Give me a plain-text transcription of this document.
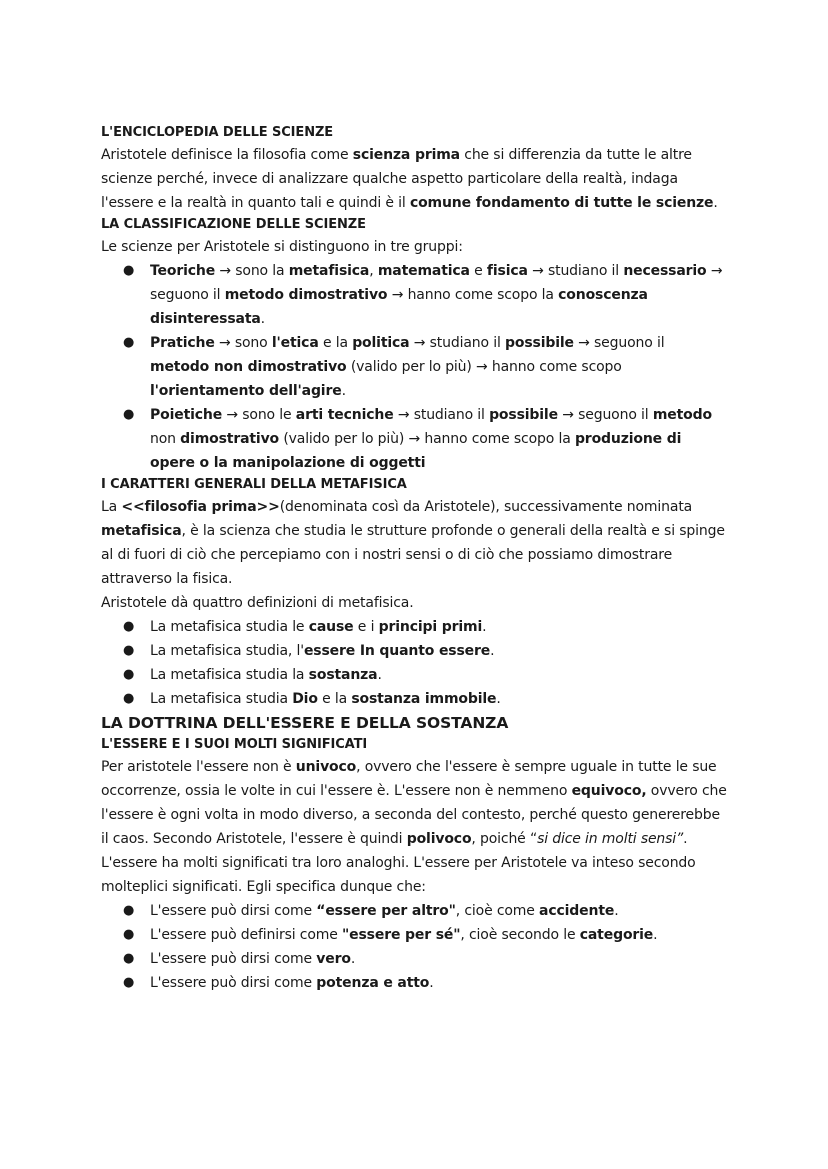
L'ENCICLOPEDIA DELLE SCIENZE

Aristotele definisce la filosofia come scienza prima che si differenzia da tutte le altre scienze perché, invece di analizzare qualche aspetto particolare della realtà, indaga l'essere e la realtà in quanto tali e quindi è il comune fondamento di tutte le scienze.

LA CLASSIFICAZIONE DELLE SCIENZE

Le scienze per Aristotele si distinguono in tre gruppi:

● Teoriche → sono la metafisica, matematica e fisica → studiano il necessario → seguono il metodo dimostrativo → hanno come scopo la conoscenza disinteressata.
● Pratiche → sono l'etica e la politica → studiano il possibile → seguono il metodo non dimostrativo (valido per lo più) → hanno come scopo l'orientamento dell'agire.
● Poietiche → sono le arti tecniche → studiano il possibile → seguono il metodo non dimostrativo (valido per lo più) → hanno come scopo la produzione di opere o la manipolazione di oggetti
I CARATTERI GENERALI DELLA METAFISICA

La <<filosofia prima>>(denominata così da Aristotele), successivamente nominata metafisica, è la scienza che studia le strutture profonde o generali della realtà e si spinge al di fuori di ciò che percepiamo con i nostri sensi o di ciò che possiamo dimostrare attraverso la fisica.

Aristotele dà quattro definizioni di metafisica.

● La metafisica studia le cause e i principi primi.
● La metafisica studia, l'essere In quanto essere.
● La metafisica studia la sostanza.
● La metafisica studia Dio e la sostanza immobile.
LA DOTTRINA DELL'ESSERE E DELLA SOSTANZA
L'ESSERE E I SUOI MOLTI SIGNIFICATI

Per aristotele l'essere non è univoco, ovvero che l'essere è sempre uguale in tutte le sue occorrenze, ossia le volte in cui l'essere è. L'essere non è nemmeno equivoco, ovvero che l'essere è ogni volta in modo diverso, a seconda del contesto, perché questo genererebbe il caos. Secondo Aristotele, l'essere è quindi polivoco, poiché “si dice in molti sensi”.

L'essere ha molti significati tra loro analoghi. L'essere per Aristotele va inteso secondo molteplici significati. Egli specifica dunque che:

● L'essere può dirsi come “essere per altro", cioè come accidente.
● L'essere può definirsi come "essere per sé", cioè secondo le categorie.
● L'essere può dirsi come vero.
● L'essere può dirsi come potenza e atto.
